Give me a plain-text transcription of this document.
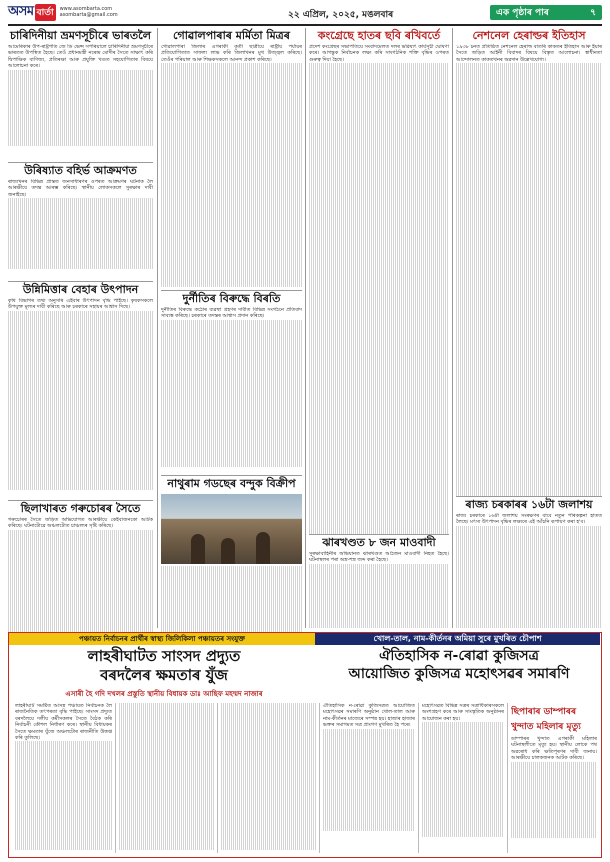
অসম বাৰ্তা	www.asombarta.com
asombarta@gmail.com	২২ এপ্ৰিল, ২০২৫, মঙলবাৰ	এক পৃষ্ঠাৰ পাৰ	৭
চাৰিদিনীয়া ভ্ৰমণসূচীৰে ভাৰতলৈ

আমেৰিকাৰ উপ-ৰাষ্ট্ৰপতি জে ডি ভেন্স সপৰিয়ালে চাৰিদিনীয়া ভ্ৰমণসূচীৰে ভাৰতত উপস্থিত হৈছে। তেওঁ প্ৰধানমন্ত্ৰী নৰেন্দ্ৰ মোদীৰ সৈতে সাক্ষাৎ কৰি দ্বিপাক্ষিক বাণিজ্য, প্ৰতিৰক্ষা আৰু প্ৰযুক্তি খণ্ডত সহযোগিতাৰ বিষয়ে আলোচনা কৰে।

উৰিষ্যাত বহিৰ্ভ আক্ৰমণত

ৰাজ্যখনৰ বিভিন্ন প্ৰান্তত জনসাধাৰণৰ ওপৰত আক্ৰমণৰ ঘটনাক লৈ আৰক্ষীয়ে তদন্ত আৰম্ভ কৰিছে। স্থানীয় লোকসকলে সুৰক্ষাৰ দাবী জনাইছে।

উন্নিমিত্তাৰ বেহাৰ উৎপাদন

কৃষি বিভাগৰ তথ্য অনুসৰি এইবাৰ উৎপাদন বৃদ্ধি পাইছে। কৃষকসকলে উপযুক্ত মূল্যৰ দাবী কৰিছে আৰু চৰকাৰে সহায়ৰ আশ্বাস দিছে।

ছিলাখাৰত গৰুচোৰৰ সৈতে

গৰুচোৰৰ সৈতে জড়িত অভিযোগত আৰক্ষীয়ে কেইবাজনকো আটক কৰিছে। ঘটনাটোৱে অঞ্চলটোত চাঞ্চল্যৰ সৃষ্টি কৰিছে।

গোৱালপাৰাৰ মৰ্মিতা মিত্ৰৰ

গোৱালপাৰা জিলাৰ এগৰাকী কৃতী ছাত্ৰীয়ে ৰাষ্ট্ৰীয় পৰ্যায়ৰ প্ৰতিযোগিতাত সাফল্য লাভ কৰি জিলাখনৰ মুখ উজ্জ্বল কৰিছে। তেওঁৰ পৰিয়াল আৰু শিক্ষকসকলে আনন্দ প্ৰকাশ কৰিছে।

দুৰ্নীতিৰ বিৰুদ্ধে বিৰতি

দুৰ্নীতিৰ বিৰুদ্ধে কঠোৰ ব্যৱস্থা গ্ৰহণৰ দাবীত বিভিন্ন সংগঠনে প্ৰতিবাদ সাব্যস্ত কৰিছে। চৰকাৰে তদন্তৰ আশ্বাস প্ৰদান কৰিছে।

নাথুৰাম গডছেৰ বন্দুক বিক্ৰীপ
কংগ্ৰেছে হাতৰ ছবি ৰখিবৰ্তে

প্ৰদেশ কংগ্ৰেছৰ সভাপতিয়ে সংবাদমেলত দলৰ ভৱিষ্যৎ কাৰ্যসূচী ঘোষণা কৰে। আগন্তুক নিৰ্বাচনক লক্ষ্য কৰি সাংগঠনিক শক্তি বৃদ্ধিৰ ওপৰত গুৰুত্ব দিয়া হৈছে।

ঝাৰখণ্ডত ৮ জন মাওবাদী

সুৰক্ষাবাহিনীৰ অভিযানত ঝাৰখণ্ডত আঠজন মাওবাদী নিহত হৈছে। ঘটনাস্থলৰ পৰা অস্ত্ৰ-শস্ত্ৰ জব্দ কৰা হৈছে।

নেশনেল হেৰাল্ডৰ ইতিহাস

১৯৩৮ চনত প্ৰতিষ্ঠিত নেশনেল হেৰাল্ড বাতৰি কাকতৰ ইতিহাস আৰু ইয়াৰ সৈতে জড়িত আইনী বিবাদৰ বিষয়ে বিস্তৃত আলোচনা। স্বাধীনতা আন্দোলনত কাকতখনৰ অৱদান উল্লেখযোগ্য।

ৰাজ্য চৰকাৰৰ ১৬টা জলাশয়

ৰাজ্য চৰকাৰে ১৬টা জলাশয় সংৰক্ষণৰ বাবে নতুন পৰিকল্পনা হাতত লৈছে। মৎস্য উৎপাদন বৃদ্ধিৰ লক্ষ্যৰে এই আঁচনি ৰূপায়ণ কৰা হ'ব।

পঞ্চায়ত নিৰ্বাচনৰ প্ৰাৰ্থীৰ স্বাস্থ্য জিলিকিলা পঞ্চায়তৰ সংযুক্ত	খোল-তাল, নাম-কীৰ্তনৰ অমিয়া সুৰে মুখৰিত চৌপাশ
লাহৰীঘাটত সাংসদ প্ৰদ্যুত
বৰদলৈৰ ক্ষমতাৰ যুঁজ
ঐতিহাসিক ন-ৰোৱা কুজিসত্ৰ
আয়োজিত কুজিসত্ৰ মহোৎসৱৰ সমাৰণি
এসাৰী হৈ গদি দখলৰ প্ৰস্তুতি স্থানীয় বিধায়ক ডাঃ আছিফ মহম্মদ নাজাৰ

লাহৰীঘাট সমষ্টিত আসন্ন পঞ্চায়ত নিৰ্বাচনক লৈ ৰাজনৈতিক তৎপৰতা বৃদ্ধি পাইছে। সাংসদ প্ৰদ্যুত বৰদলৈয়ে দলীয় কৰ্মীসকলৰ সৈতে বৈঠক কৰি নিৰ্বাচনী কৌশল নিৰ্ধাৰণ কৰে। স্থানীয় বিধায়কৰ সৈতে ক্ষমতাৰ যুঁজে অঞ্চলটোৰ ৰাজনীতি উত্তপ্ত কৰি তুলিছে।

ঐতিহাসিক ন-ৰোৱা কুজিসত্ৰত আয়োজিত মহোৎসৱৰ সমাৰণি অনুষ্ঠান খোল-তাল আৰু নাম-কীৰ্তনৰ মাজেৰে সম্পন্ন হয়। হাজাৰ হাজাৰ ভক্তৰ সমাগমত সত্ৰ প্ৰাংগণ মুখৰিত হৈ পৰে।

মহোৎসৱত বিভিন্ন সত্ৰৰ সত্ৰাধিকাৰসকলে অংশগ্ৰহণ কৰে আৰু সাংস্কৃতিক অনুষ্ঠানৰ আয়োজন কৰা হয়।

ছিপাৰাৰ ডাম্পাৰৰ খুন্দাত মহিলাৰ মৃত্যু

ডাম্পাৰৰ খুন্দাত এগৰাকী মহিলাৰ ঘটনাস্থলীতে মৃত্যু হয়। স্থানীয় লোকে পথ অৱৰোধ কৰি ক্ষতিপূৰণৰ দাবী জনায়। আৰক্ষীয়ে চালকজনক আটক কৰিছে।
